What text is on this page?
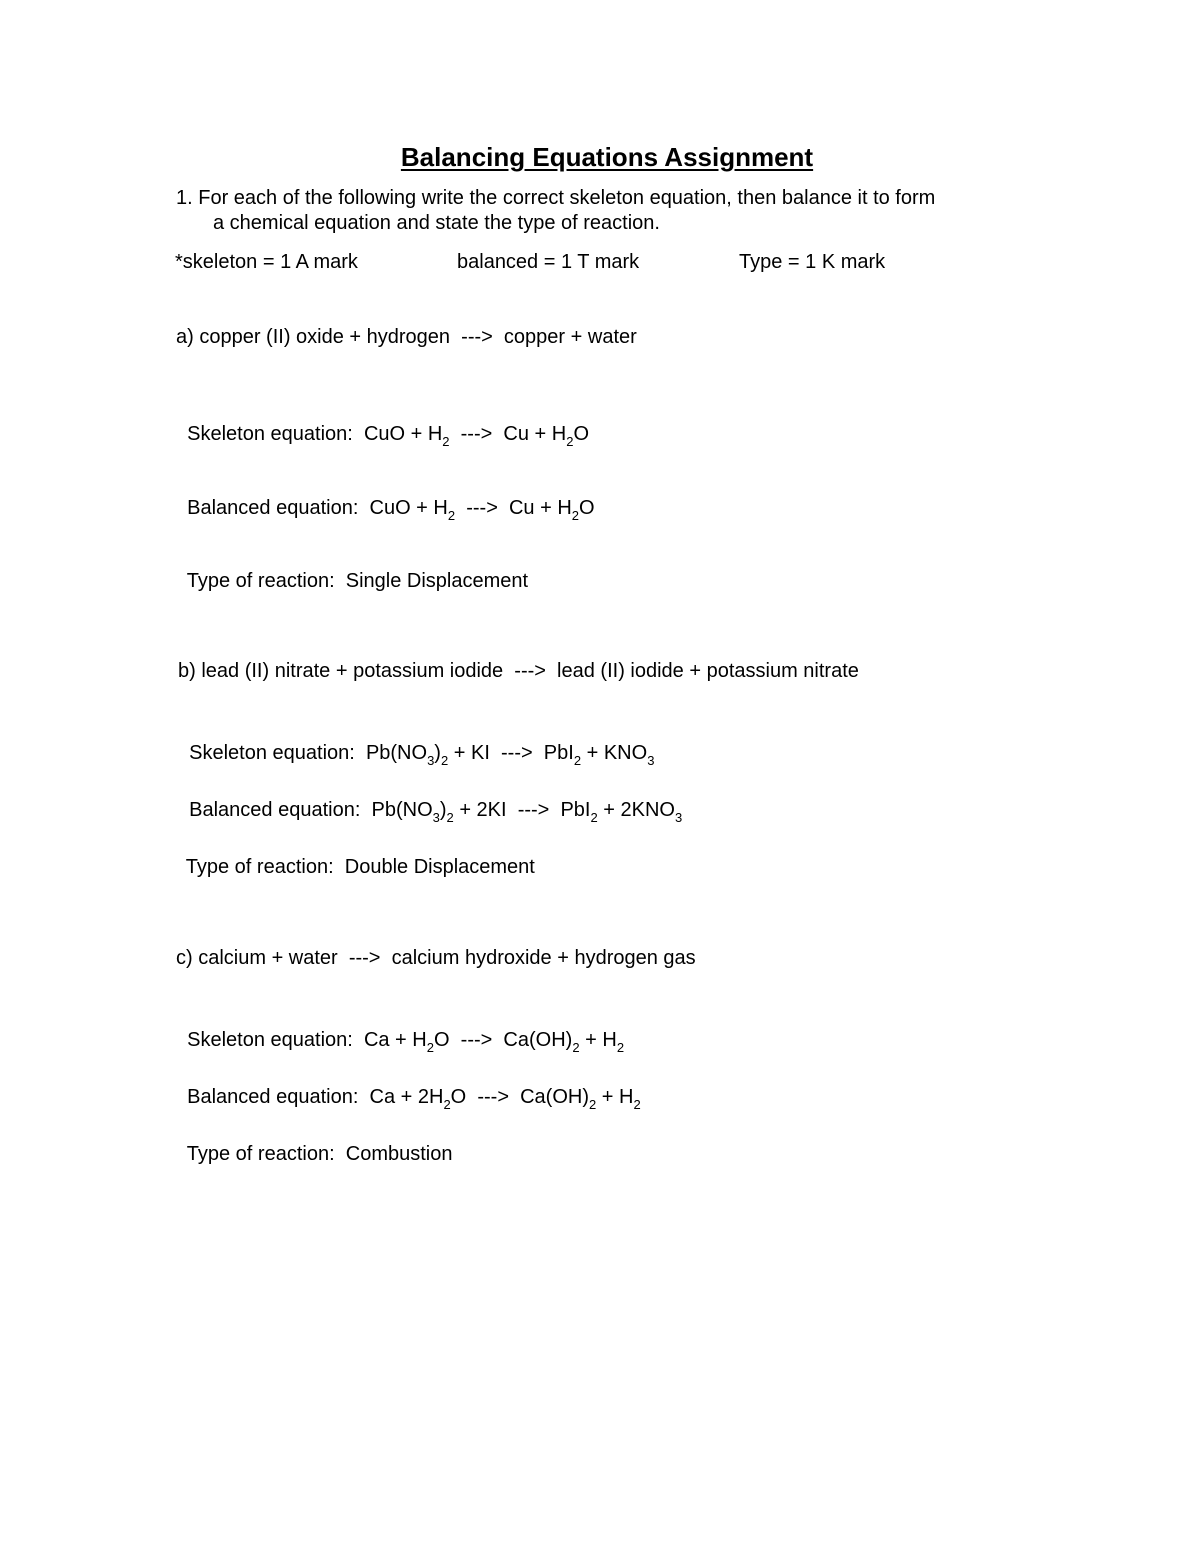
Balancing Equations Assignment
1. For each of the following write the correct skeleton equation, then balance it to form
a chemical equation and state the type of reaction.
*skeleton = 1 A mark	balanced = 1 T mark	Type = 1 K mark
a) copper (II) oxide + hydrogen  --->  copper + water

Skeleton equation: CuO + $H_2$  --->  $Cu + H_2O$

Balanced equation: CuO + $H_2$  --->  $Cu + H_2O$

Type of reaction: Single Displacement

b) lead (II) nitrate + potassium iodide  --->  lead (II) iodide + potassium nitrate

Skeleton equation: $Pb(NO_3)_2$ + KI  --->  $PbI_2 + KNO_3$

Balanced equation: $Pb(NO_3)_2 + 2KI$  --->  $PbI_2 + 2KNO_3$

Type of reaction: Double Displacement

c) calcium + water  --->  calcium hydroxide + hydrogen gas

Skeleton equation: $Ca + H_2O$  --->  $Ca(OH)_2 + H_2$

Balanced equation: $Ca + 2H_2O$  --->  $Ca(OH)_2 + H_2$

Type of reaction: Combustion
